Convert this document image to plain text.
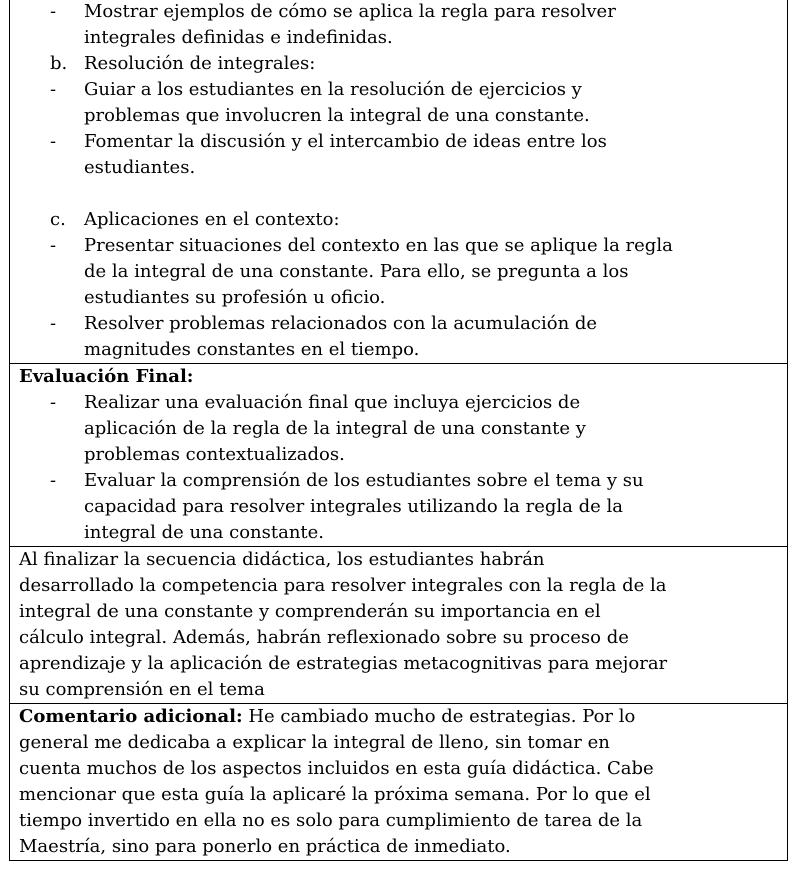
-	Mostrar ejemplos de cómo se aplica la regla para resolver
integrales definidas e indefinidas.
b. Resolución de integrales:
-	Guiar a los estudiantes en la resolución de ejercicios y
problemas que involucren la integral de una constante.
-	Fomentar la discusión y el intercambio de ideas entre los
estudiantes.
c.	Aplicaciones en el contexto:
-	Presentar situaciones del contexto en las que se aplique la regla
de la integral de una constante. Para ello, se pregunta a los
estudiantes su profesión u oficio.
-	Resolver problemas relacionados con la acumulación de
magnitudes constantes en el tiempo.
Evaluación Final:
-	Realizar una evaluación final que incluya ejercicios de
aplicación de la regla de la integral de una constante y
problemas contextualizados.
-	Evaluar la comprensión de los estudiantes sobre el tema y su
capacidad para resolver integrales utilizando la regla de la
integral de una constante.
Al finalizar la secuencia didáctica, los estudiantes habrán
desarrollado la competencia para resolver integrales con la regla de la
integral de una constante y comprenderán su importancia en el
cálculo integral. Además, habrán reflexionado sobre su proceso de
aprendizaje y la aplicación de estrategias metacognitivas para mejorar
su comprensión en el tema
Comentario adicional: He cambiado mucho de estrategias. Por lo
general me dedicaba a explicar la integral de lleno, sin tomar en
cuenta muchos de los aspectos incluidos en esta guía didáctica. Cabe
mencionar que esta guía la aplicaré la próxima semana. Por lo que el
tiempo invertido en ella no es solo para cumplimiento de tarea de la
Maestría, sino para ponerlo en práctica de inmediato.
